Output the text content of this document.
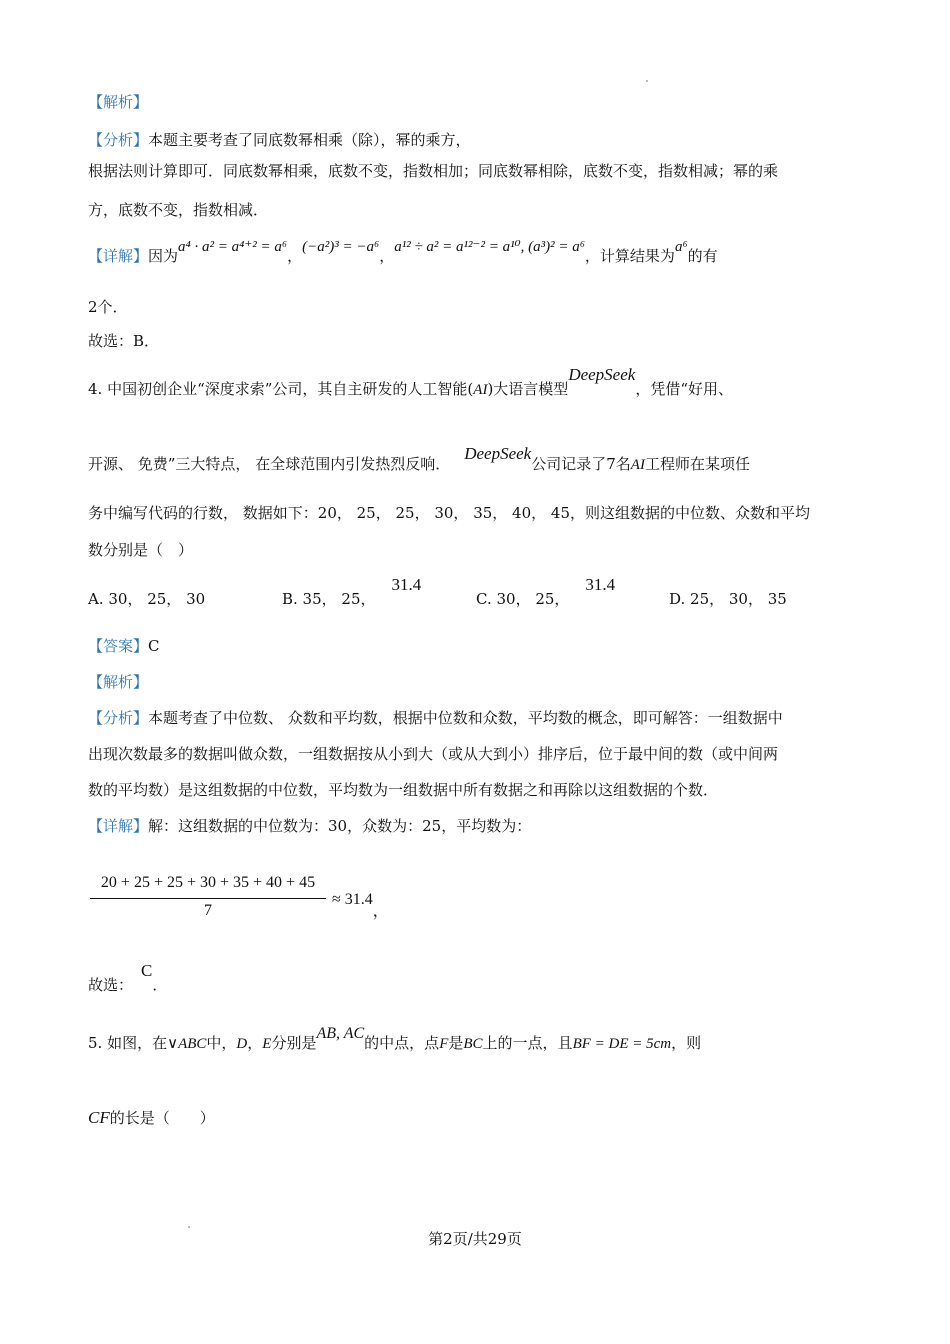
【解析】
【分析】本题主要考查了同底数幂相乘（除），幂的乘方，
根据法则计算即可．同底数幂相乘，底数不变，指数相加；同底数幂相除，底数不变，指数相减；幂的乘
方，底数不变，指数相减．
【详解】因为a⁴ · a² = a⁴⁺² = a⁶，(−a²)³ = −a⁶，a¹² ÷ a² = a¹²⁻² = a¹⁰, (a³)² = a⁶，计算结果为a⁶的有
2个．
故选：B．
4. 中国初创企业“深度求索”公司，其自主研发的人工智能(AI)大语言模型DeepSeek，凭借“好用、
开源、 免费”三大特点， 在全球范围内引发热烈反响．DeepSeek公司记录了7名AI工程师在某项任
务中编写代码的行数， 数据如下：20， 25， 25， 30， 35， 40， 45，则这组数据的中位数、众数和平均
数分别是（　）
A. 30， 25， 30	B. 35， 25，31.4
C. 30， 25，31.4
D. 25， 30， 35
【答案】C
【解析】
【分析】本题考查了中位数、 众数和平均数，根据中位数和众数，平均数的概念，即可解答：一组数据中
出现次数最多的数据叫做众数，一组数据按从小到大（或从大到小）排序后，位于最中间的数（或中间两
数的平均数）是这组数据的中位数，平均数为一组数据中所有数据之和再除以这组数据的个数．
【详解】解：这组数据的中位数为：30，众数为：25，平均数为：
20 + 25 + 25 + 30 + 35 + 40 + 45
7
≈ 31.4，
故选：C．
5. 如图，在∨ABC中，D，E分别是AB, AC的中点，点F是BC上的一点，且BF = DE = 5cm，则
CF的长是（　　）
第2页/共29页
